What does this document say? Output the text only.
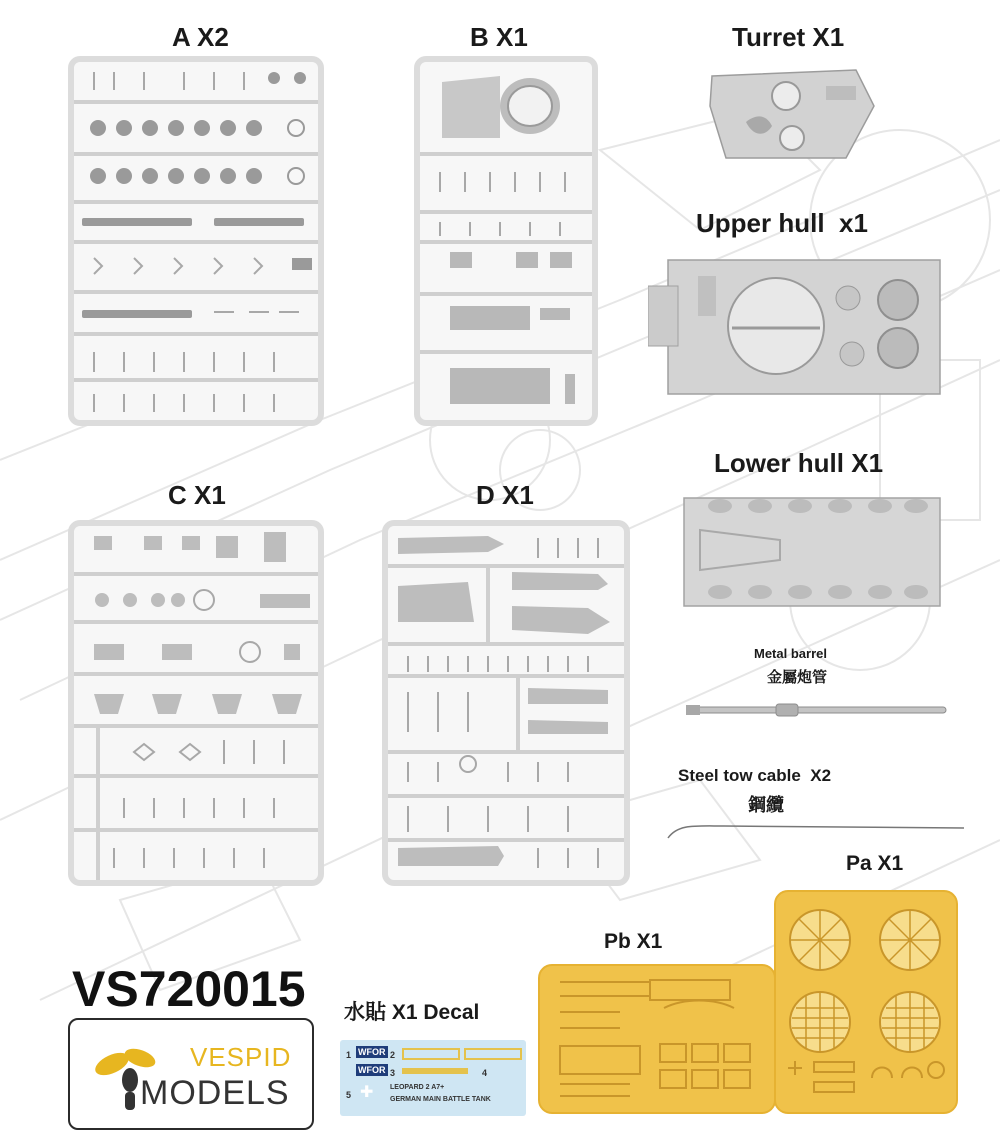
A X2	B X1	Turret X1
Upper hull  x1
Lower hull X1
C X1	D X1
Metal barrel
金屬炮管
Steel tow cable  X2
鋼纜
VS720015
VESPID
MODELS
水貼 X1 Decal
1 WFOR 2
WFOR 3	4
5 ✚ LEOPARD 2 A7+
GERMAN MAIN BATTLE TANK
Pb X1
Pa X1
